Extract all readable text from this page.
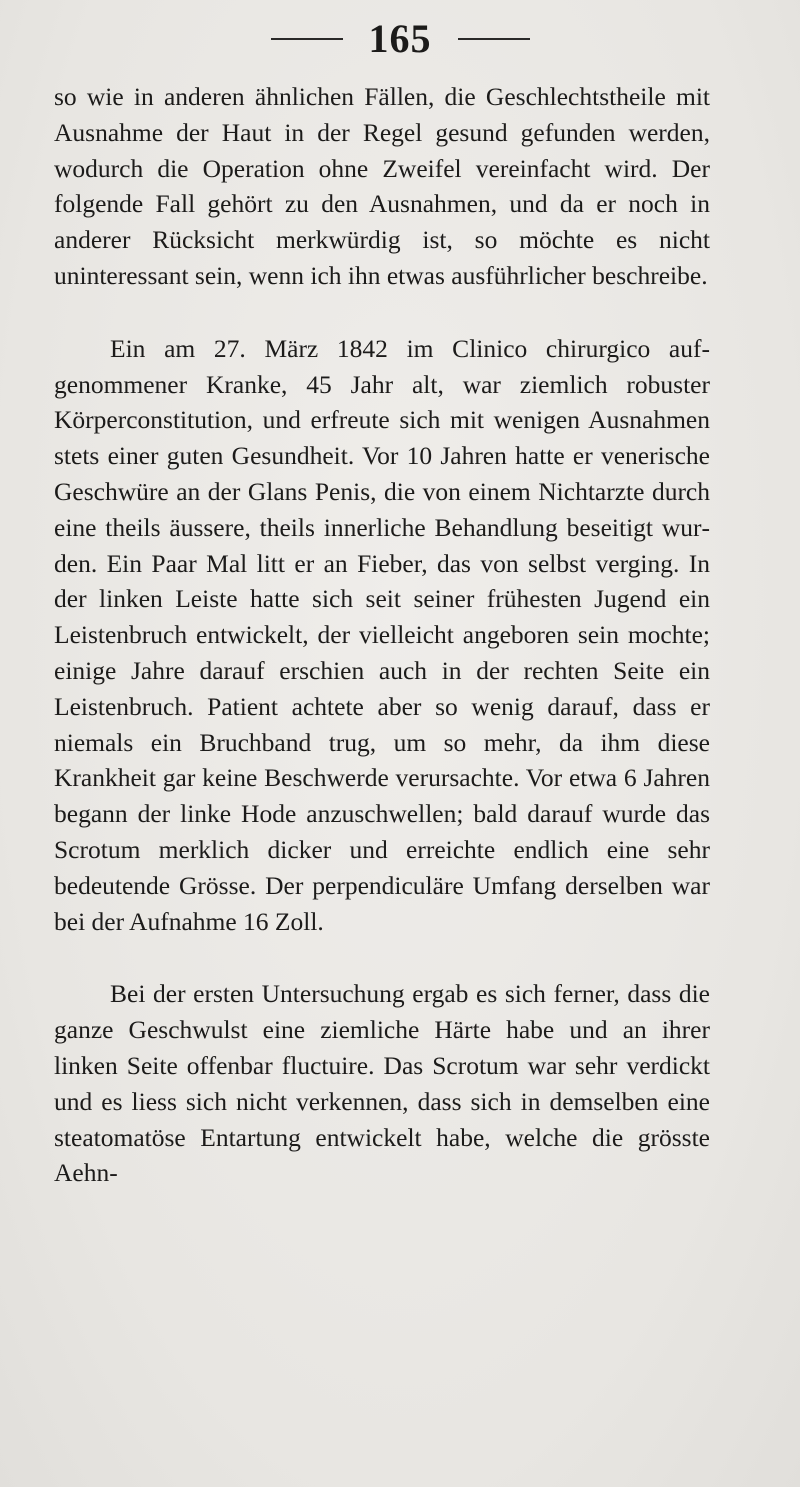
165

so wie in anderen ähnlichen Fällen, die Geschlechtstheile mit Ausnahme der Haut in der Regel gesund gefunden werden, wodurch die Operation ohne Zweifel vereinfacht wird. Der folgende Fall gehört zu den Ausnahmen, und da er noch in anderer Rücksicht merkwürdig ist, so möchte es nicht uninteressant sein, wenn ich ihn etwas ausführlicher beschreibe.

Ein am 27. März 1842 im Clinico chirurgico aufgenommener Kranke, 45 Jahr alt, war ziemlich robuster Körperconstitution, und erfreute sich mit wenigen Ausnahmen stets einer guten Gesundheit. Vor 10 Jahren hatte er venerische Geschwüre an der Glans Penis, die von einem Nichtarzte durch eine theils äussere, theils innerliche Behandlung beseitigt wurden. Ein Paar Mal litt er an Fieber, das von selbst verging. In der linken Leiste hatte sich seit seiner frühesten Jugend ein Leistenbruch entwickelt, der vielleicht angeboren sein mochte; einige Jahre darauf erschien auch in der rechten Seite ein Leistenbruch. Patient achtete aber so wenig darauf, dass er niemals ein Bruchband trug, um so mehr, da ihm diese Krankheit gar keine Beschwerde verursachte. Vor etwa 6 Jahren begann der linke Hode anzuschwellen; bald darauf wurde das Scrotum merklich dicker und erreichte endlich eine sehr bedeutende Grösse. Der perpendiculäre Umfang derselben war bei der Aufnahme 16 Zoll.

Bei der ersten Untersuchung ergab es sich ferner, dass die ganze Geschwulst eine ziemliche Härte habe und an ihrer linken Seite offenbar fluctuire. Das Scrotum war sehr verdickt und es liess sich nicht verkennen, dass sich in demselben eine steatomatöse Entartung entwickelt habe, welche die grösste Aehn-
